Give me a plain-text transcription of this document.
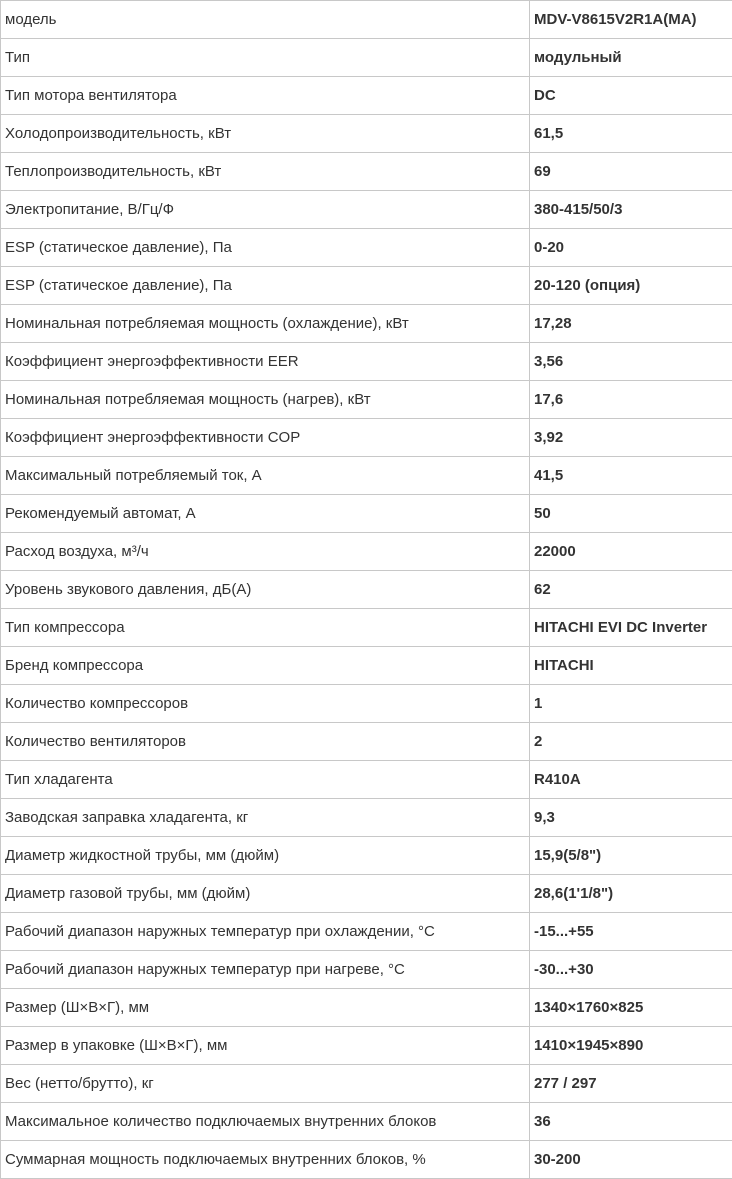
модель	MDV-V8615V2R1A(MA)
Тип	модульный
Тип мотора вентилятора	DC
Холодопроизводительность, кВт	61,5
Теплопроизводительность, кВт	69
Электропитание, В/Гц/Ф	380-415/50/3
ESP (статическое давление), Па	0-20
ESP (статическое давление), Па	20-120 (опция)
Номинальная потребляемая мощность (охлаждение), кВт	17,28
Коэффициент энергоэффективности EER	3,56
Номинальная потребляемая мощность (нагрев), кВт	17,6
Коэффициент энергоэффективности COP	3,92
Максимальный потребляемый ток, А	41,5
Рекомендуемый автомат, А	50
Расход воздуха, м³/ч	22000
Уровень звукового давления, дБ(А)	62
Тип компрессора	HITACHI EVI DC Inverter
Бренд компрессора	HITACHI
Количество компрессоров	1
Количество вентиляторов	2
Тип хладагента	R410A
Заводская заправка хладагента, кг	9,3
Диаметр жидкостной трубы, мм (дюйм)	15,9(5/8")
Диаметр газовой трубы, мм (дюйм)	28,6(1'1/8")
Рабочий диапазон наружных температур при охлаждении, °С	-15...+55
Рабочий диапазон наружных температур при нагреве, °С	-30...+30
Размер (Ш×В×Г), мм	1340×1760×825
Размер в упаковке (Ш×В×Г), мм	1410×1945×890
Вес (нетто/брутто), кг	277 / 297
Максимальное количество подключаемых внутренних блоков	36
Суммарная мощность подключаемых внутренних блоков, %	30-200
